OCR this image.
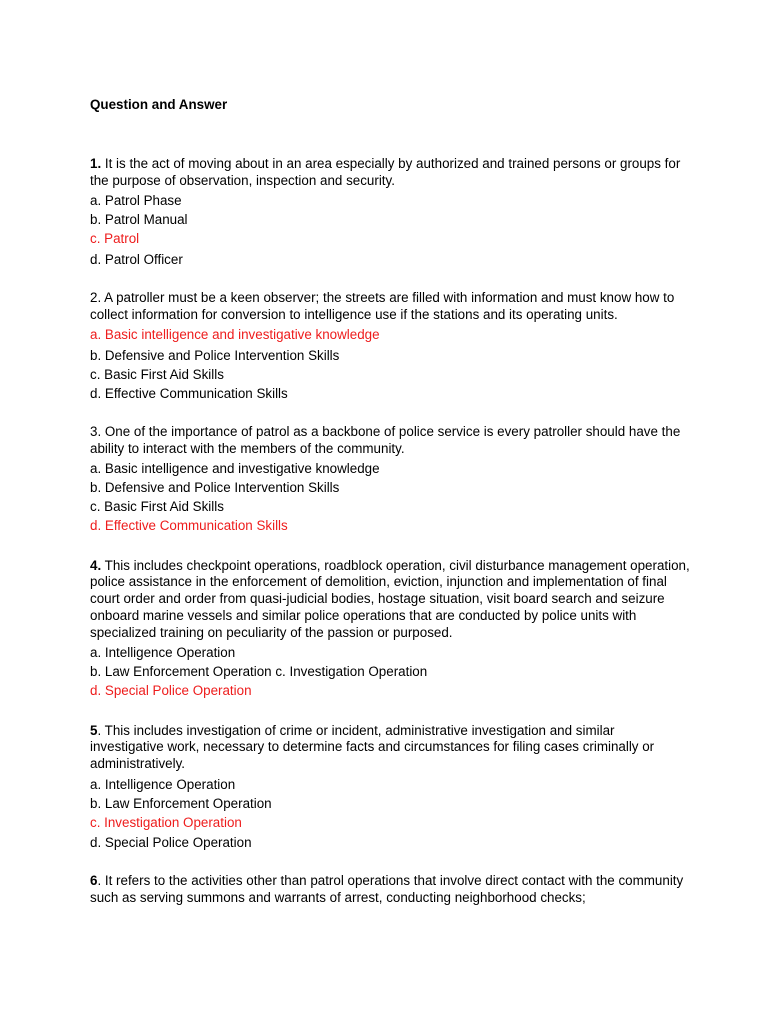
Question and Answer
1. It is the act of moving about in an area especially by authorized and trained persons or groups for the purpose of observation, inspection and security.
a. Patrol Phase
b. Patrol Manual
c. Patrol
d. Patrol Officer
2. A patroller must be a keen observer; the streets are filled with information and must know how to collect information for conversion to intelligence use if the stations and its operating units.
a. Basic intelligence and investigative knowledge
b. Defensive and Police Intervention Skills
c. Basic First Aid Skills
d. Effective Communication Skills
3. One of the importance of patrol as a backbone of police service is every patroller should have the ability to interact with the members of the community.
a. Basic intelligence and investigative knowledge
b. Defensive and Police Intervention Skills
c. Basic First Aid Skills
d. Effective Communication Skills
4. This includes checkpoint operations, roadblock operation, civil disturbance management operation, police assistance in the enforcement of demolition, eviction, injunction and implementation of final court order and order from quasi-judicial bodies, hostage situation, visit board search and seizure onboard marine vessels and similar police operations that are conducted by police units with specialized training on peculiarity of the passion or purposed.
a. Intelligence Operation
b. Law Enforcement Operation c. Investigation Operation
d. Special Police Operation
5. This includes investigation of crime or incident, administrative investigation and similar investigative work, necessary to determine facts and circumstances for filing cases criminally or administratively.
a. Intelligence Operation
b. Law Enforcement Operation
c. Investigation Operation
d. Special Police Operation
6. It refers to the activities other than patrol operations that involve direct contact with the community such as serving summons and warrants of arrest, conducting neighborhood checks;
